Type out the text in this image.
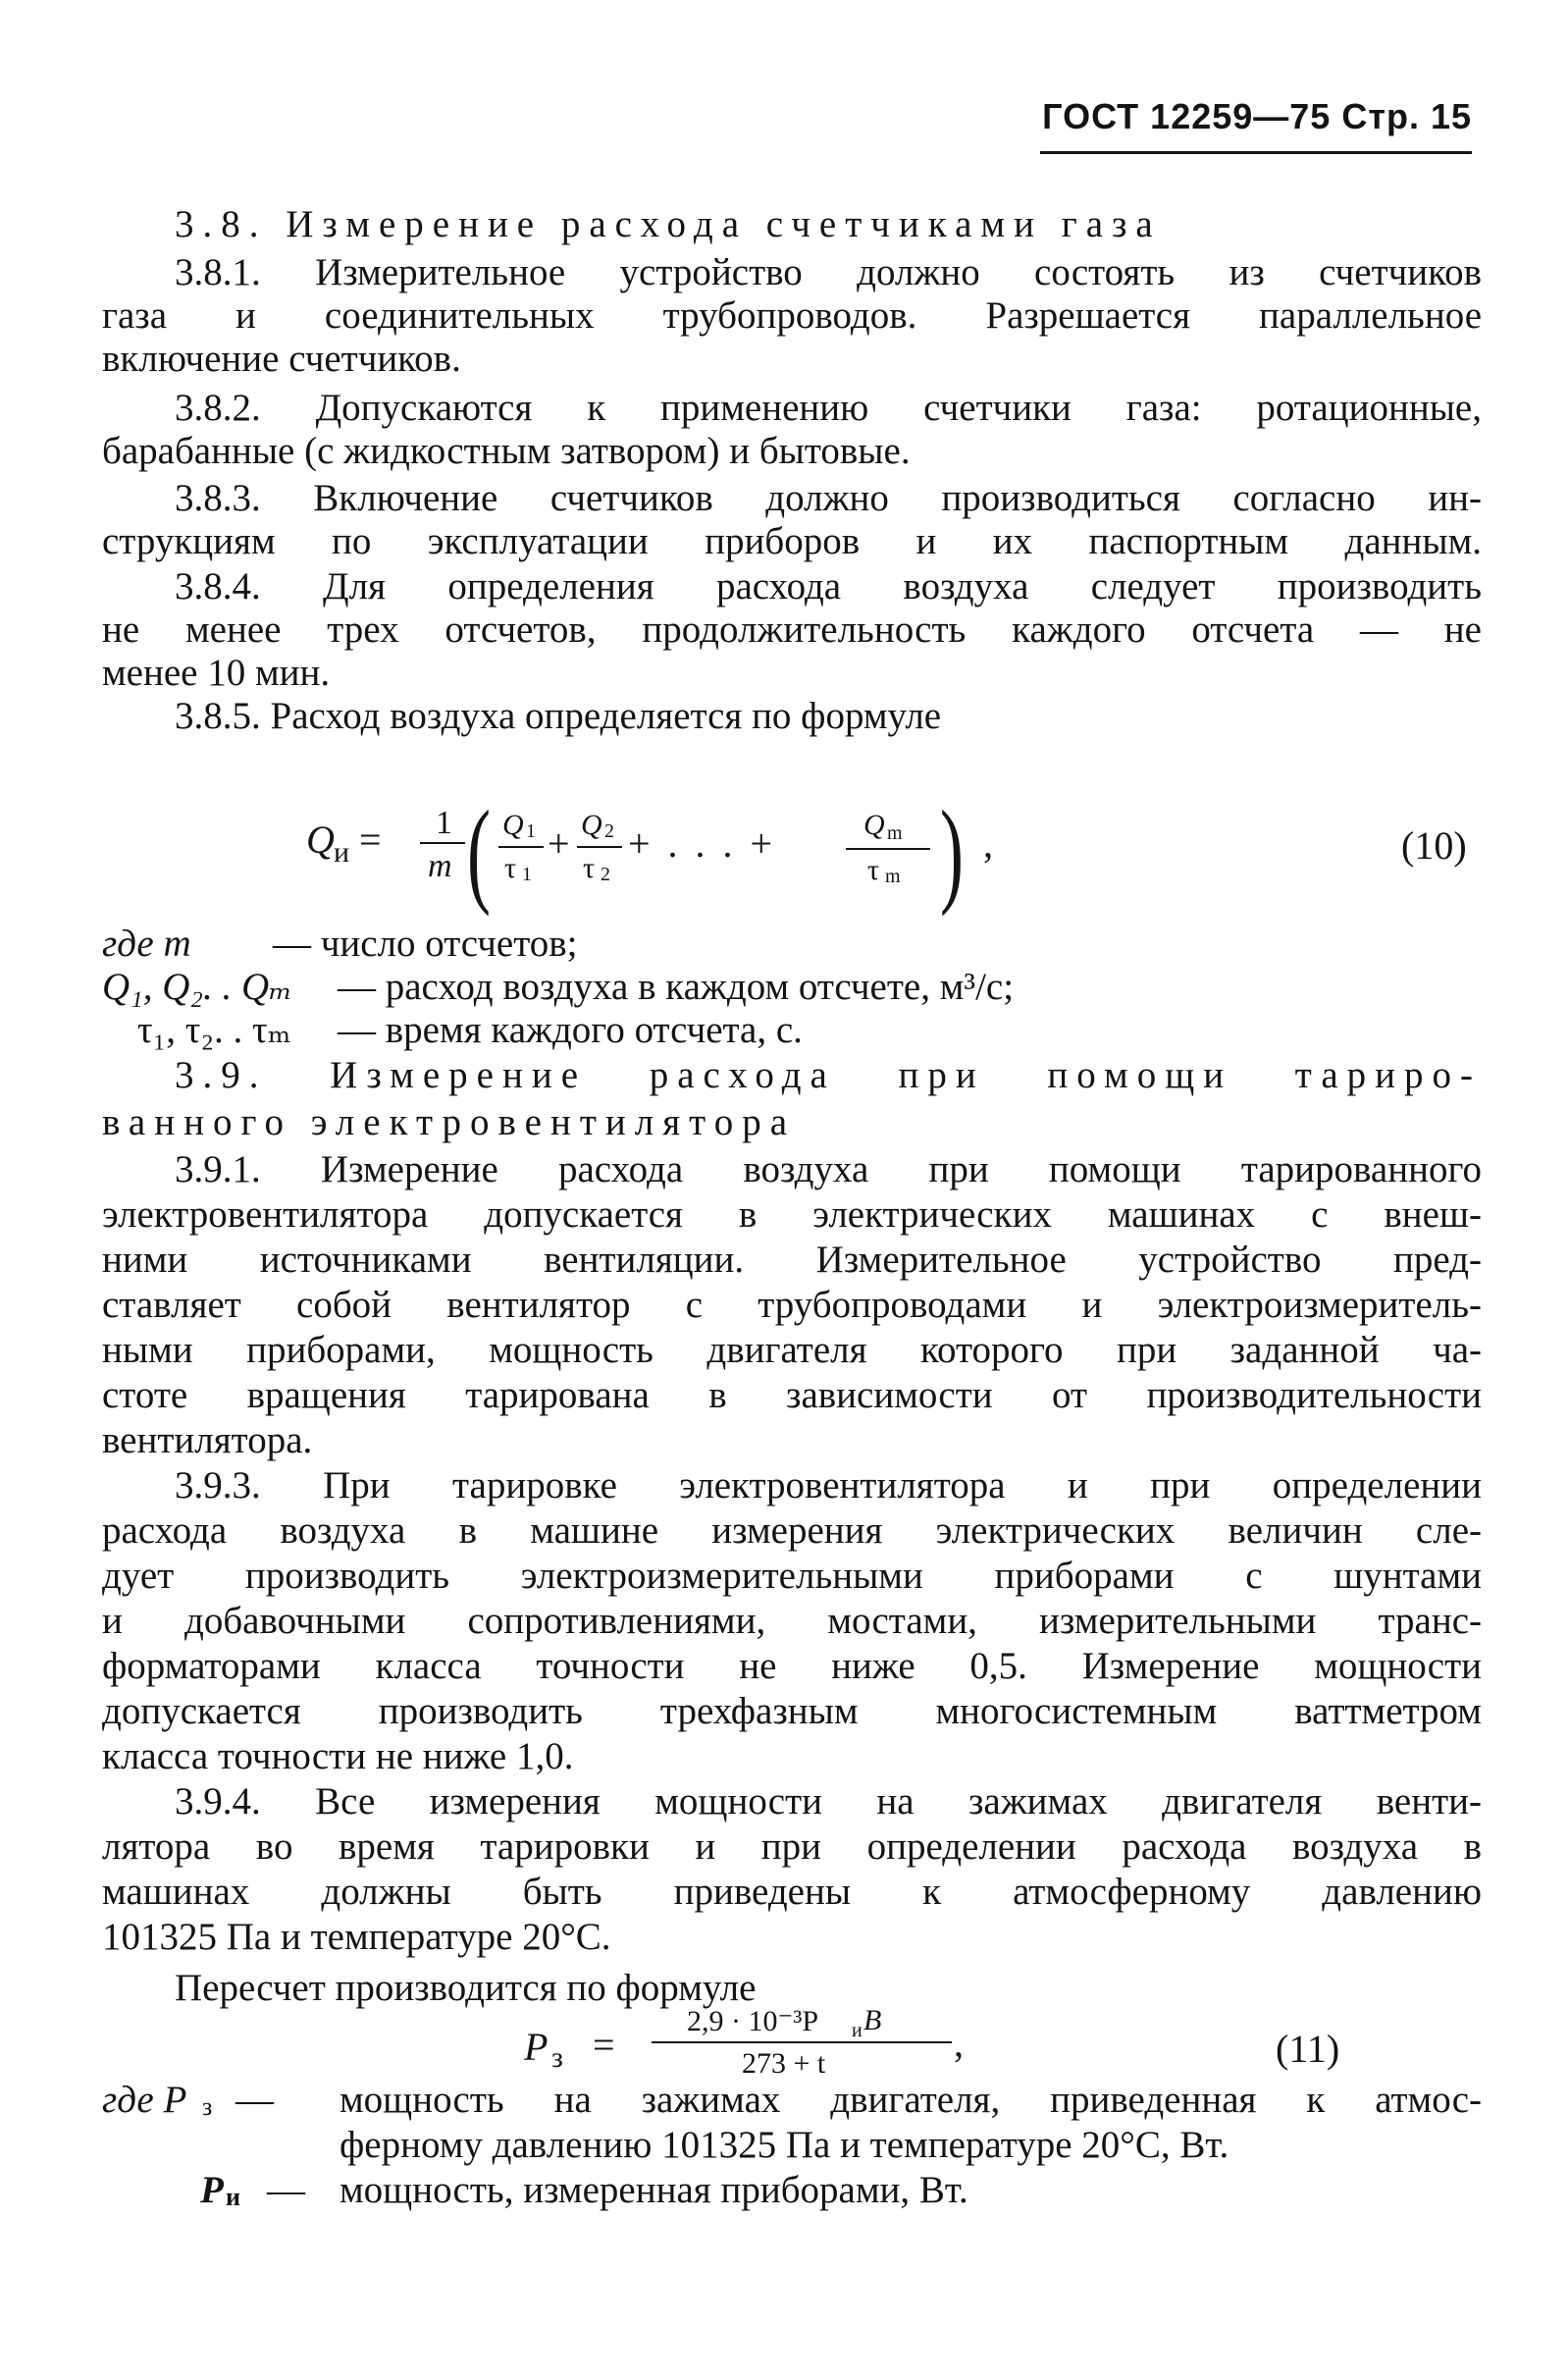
ГОСТ 12259—75 Стр. 15
3.8. Измерение расхода счетчиками газа
3.8.1. Измерительное устройство должно состоять из счетчиков
газа и соединительных трубопроводов. Разрешается параллельное
включение счетчиков.
3.8.2. Допускаются к применению счетчики газа: ротационные,
барабанные (с жидкостным затвором) и бытовые.
3.8.3. Включение счетчиков должно производиться согласно ин-
струкциям по эксплуатации приборов и их паспортным данным.
3.8.4. Для определения расхода воздуха следует производить
не менее трех отсчетов, продолжительность каждого отсчета — не
менее 10 мин.
3.8.5. Расход воздуха определяется по формуле
Q и = 1
m ( Q 1
τ 1
+ Q 2
τ 2
+ . . . +	Q m
τ m ) ,	(10)
где m — число отсчетов;
Q₁, Q₂. . Qₘ — расход воздуха в каждом отсчете, м³/с;
τ₁, τ₂. . τₘ — время каждого отсчета, с.
3.9. Измерение расхода при помощи тариро-
ванного электровентилятора
3.9.1. Измерение расхода воздуха при помощи тарированного
электровентилятора допускается в электрических машинах с внеш-
ними источниками вентиляции. Измерительное устройство пред-
ставляет собой вентилятор с трубопроводами и электроизмеритель-
ными приборами, мощность двигателя которого при заданной ча-
стоте вращения тарирована в зависимости от производительности
вентилятора.
3.9.3. При тарировке электровентилятора и при определении
расхода воздуха в машине измерения электрических величин сле-
дует производить электроизмерительными приборами с шунтами
и добавочными сопротивлениями, мостами, измерительными транс-
форматорами класса точности не ниже 0,5. Измерение мощности
допускается производить трехфазным многосистемным ваттметром
класса точности не ниже 1,0.
3.9.4. Все измерения мощности на зажимах двигателя венти-
лятора во время тарировки и при определении расхода воздуха в
машинах должны быть приведены к атмосферному давлению
101325 Па и температуре 20°С.
Пересчет производится по формуле
P з =
2,9 · 10⁻³P и B
273 + t	,	(11)
где P з — мощность на зажимах двигателя, приведенная к атмос-
ферному давлению 101325 Па и температуре 20°С, Вт.
P и — мощность, измеренная приборами, Вт.
